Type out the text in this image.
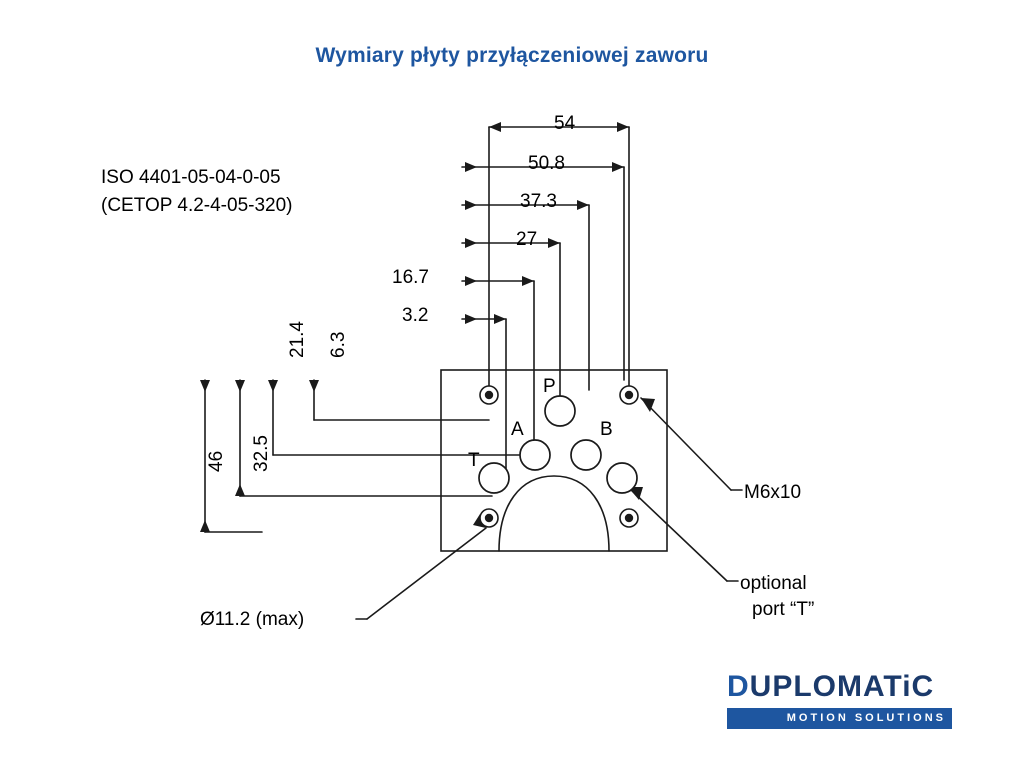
Wymiary płyty przyłączeniowej zaworu
ISO 4401-05-04-0-05
(CETOP 4.2-4-05-320)
54
50.8
37.3
27
16.7
3.2
21.4 6.3
46 32.5
P
A	B
T
M6x10
optional
port “T”
Ø11.2 (max)
DUPLOMATiC
MOTION SOLUTIONS
